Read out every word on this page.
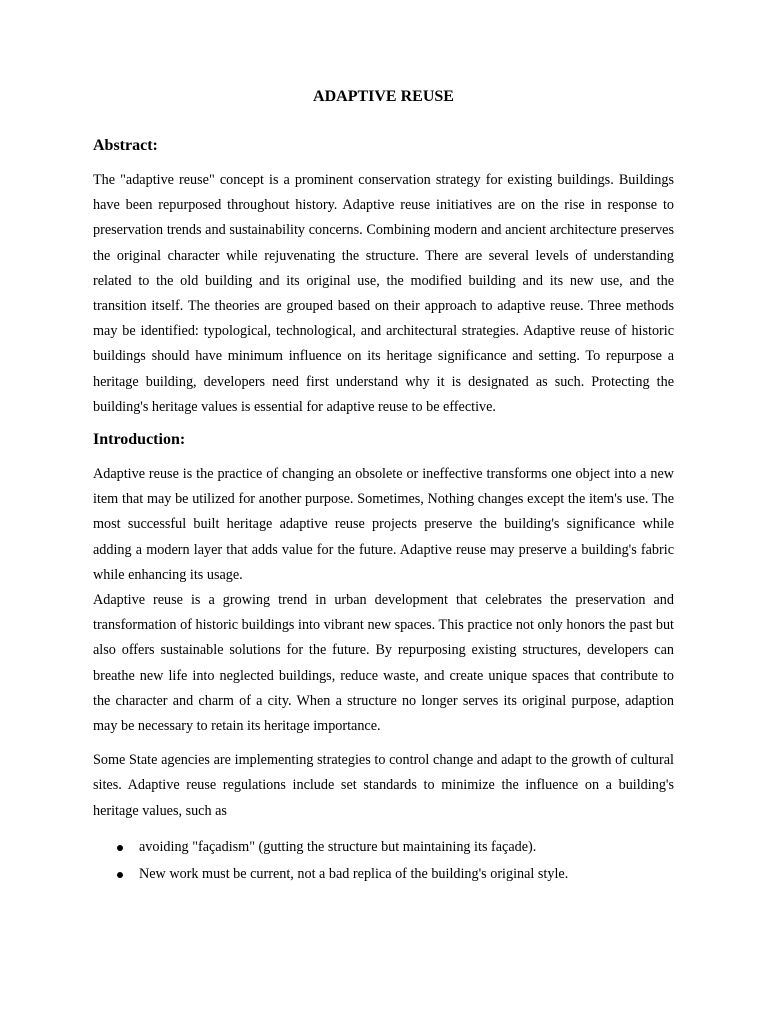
ADAPTIVE REUSE
Abstract:

The "adaptive reuse" concept is a prominent conservation strategy for existing buildings. Buildings have been repurposed throughout history. Adaptive reuse initiatives are on the rise in response to preservation trends and sustainability concerns. Combining modern and ancient architecture preserves the original character while rejuvenating the structure. There are several levels of understanding related to the old building and its original use, the modified building and its new use, and the transition itself. The theories are grouped based on their approach to adaptive reuse. Three methods may be identified: typological, technological, and architectural strategies. Adaptive reuse of historic buildings should have minimum influence on its heritage significance and setting. To repurpose a heritage building, developers need first understand why it is designated as such. Protecting the building's heritage values is essential for adaptive reuse to be effective.

Introduction:

Adaptive reuse is the practice of changing an obsolete or ineffective transforms one object into a new item that may be utilized for another purpose. Sometimes, Nothing changes except the item's use. The most successful built heritage adaptive reuse projects preserve the building's significance while adding a modern layer that adds value for the future. Adaptive reuse may preserve a building's fabric while enhancing its usage.

Adaptive reuse is a growing trend in urban development that celebrates the preservation and transformation of historic buildings into vibrant new spaces. This practice not only honors the past but also offers sustainable solutions for the future. By repurposing existing structures, developers can breathe new life into neglected buildings, reduce waste, and create unique spaces that contribute to the character and charm of a city. When a structure no longer serves its original purpose, adaption may be necessary to retain its heritage importance.

Some State agencies are implementing strategies to control change and adapt to the growth of cultural sites. Adaptive reuse regulations include set standards to minimize the influence on a building's heritage values, such as

avoiding "façadism" (gutting the structure but maintaining its façade).
New work must be current, not a bad replica of the building's original style.
